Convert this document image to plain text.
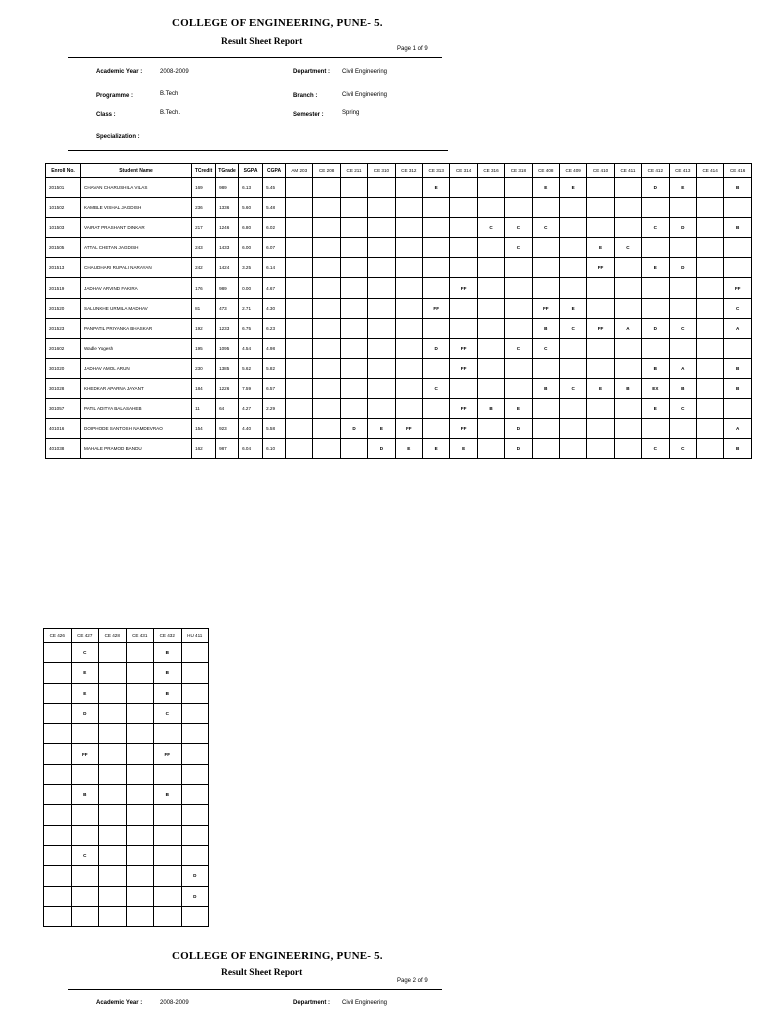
COLLEGE OF ENGINEERING, PUNE- 5.
Result Sheet Report
Page 1 of 9
Academic Year :	2008-2009	Department : Civil Engineering
Programme :	B.Tech	Branch :	Civil Engineering
Class :	B.Tech.	Semester :	Spring
Specialization :
Enroll No.	Student Name	TCredit	TGrade	SGPA	CGPA	AM 203	CE 208	CE 211	CE 310	CE 312	CE 313	CE 314	CE 316	CE 318	CE 408	CE 409	CE 410	CE 411	CE 412	CE 413	CE 414	CE 416
201501	CHAVAN CHARUSHILA VILAS	169	989	6.13	5.45						E				E	E			D	E		B
101502	KAMBLE VISHAL JAGDISH	236	1336	5.60	5.48																	
101503	VAIRAT PRASHANT DINKAR	217	1246	6.80	6.02								C	C	C				C	D		B
201505	ATTAL CHETAN JAGDISH	243	1433	6.00	6.07									C			E	C				
201513	CHAUDHARI RUPALI NARAYAN	242	1424	3.25	6.14												FF		E	D		
201519	JADHAV ARVIND FAKIRA	176	989	0.00	4.67							FF										FF
201520	SALUNKHE URMILA MADHAV	81	473	2.71	4.30						FF				FF	E						C
201523	PANPATIL PRIYANKA BHASKAR	192	1233	6.75	6.23										B	C	FF	A	D	C		A
201602	Wadle Yogesh	195	1095	4.54	4.98						D	FF		C	C							
301020	JADHAV AMOL ARUN	230	1385	5.62	5.82							FF							B	A		B
301028	KHEDKAR APARNA JAYANT	184	1226	7.59	6.57						C				B	C	E	B	EX	B		B
301057	PATIL ADITYA BALASAHEB	11	64	4.27	2.29							FF	B	E					E	C		
401016	DOIPHODE SANTOSH NAMDEVRAO	154	923	4.40	5.58			D	E	FF		FF		D								A
401038	MAHALE PRAMOD BANDU	162	987	6.04	6.10				D	E	E	E		D					C	C		B
CE 426	CE 427	CE 428	CE 431	CE 432	HU 411
	C			B	
	E			B	
	E			B	
	D			C	

	FF			FF	

	B			B	

	C				
					D
					D

COLLEGE OF ENGINEERING, PUNE- 5.
Result Sheet Report
Page 2 of 9
Academic Year :	2008-2009	Department : Civil Engineering
